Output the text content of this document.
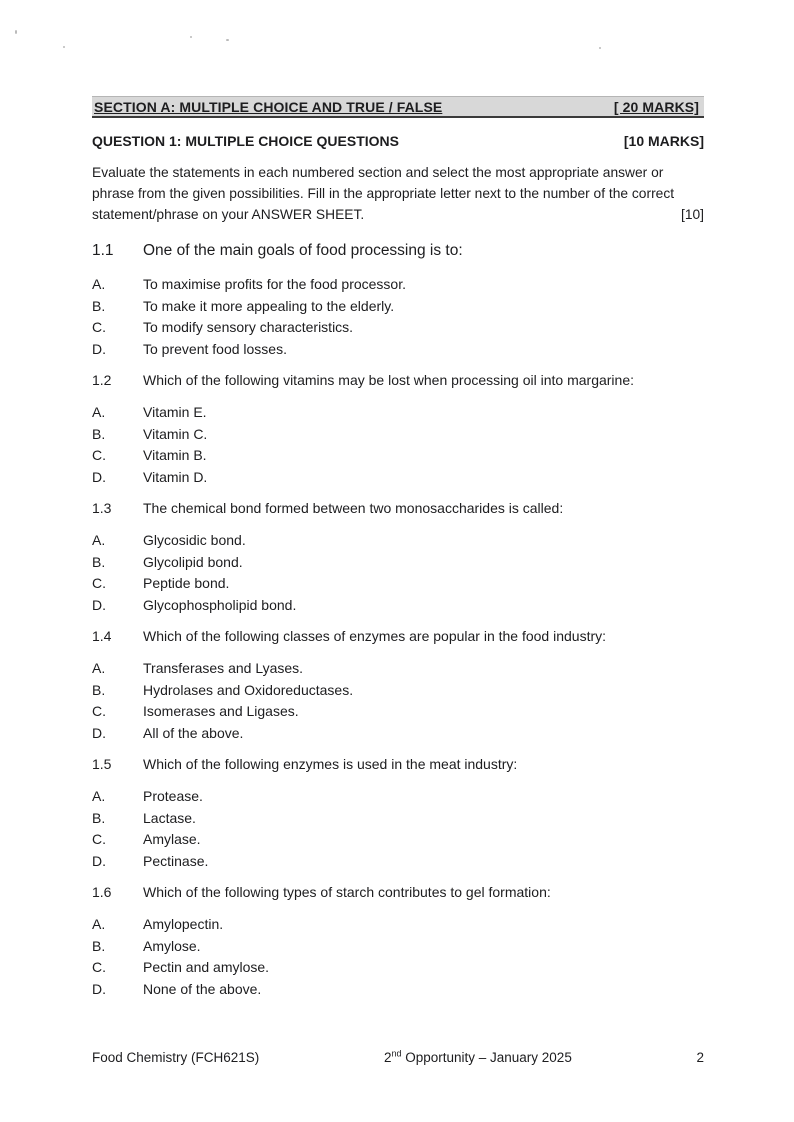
SECTION A: MULTIPLE CHOICE AND TRUE / FALSE	[ 20 MARKS]
QUESTION 1: MULTIPLE CHOICE QUESTIONS	[10 MARKS]
Evaluate the statements in each numbered section and select the most appropriate answer or phrase from the given possibilities. Fill in the appropriate letter next to the number of the correct statement/phrase on your ANSWER SHEET.	[10]
1.1	One of the main goals of food processing is to:
A.	To maximise profits for the food processor.
B.	To make it more appealing to the elderly.
C.	To modify sensory characteristics.
D.	To prevent food losses.
1.2	Which of the following vitamins may be lost when processing oil into margarine:
A.	Vitamin E.
B.	Vitamin C.
C.	Vitamin B.
D.	Vitamin D.
1.3	The chemical bond formed between two monosaccharides is called:
A.	Glycosidic bond.
B.	Glycolipid bond.
C.	Peptide bond.
D.	Glycophospholipid bond.
1.4	Which of the following classes of enzymes are popular in the food industry:
A.	Transferases and Lyases.
B.	Hydrolases and Oxidoreductases.
C.	Isomerases and Ligases.
D.	All of the above.
1.5	Which of the following enzymes is used in the meat industry:
A.	Protease.
B.	Lactase.
C.	Amylase.
D.	Pectinase.
1.6	Which of the following types of starch contributes to gel formation:
A.	Amylopectin.
B.	Amylose.
C.	Pectin and amylose.
D.	None of the above.
Food Chemistry (FCH621S)	2nd Opportunity – January 2025	2
